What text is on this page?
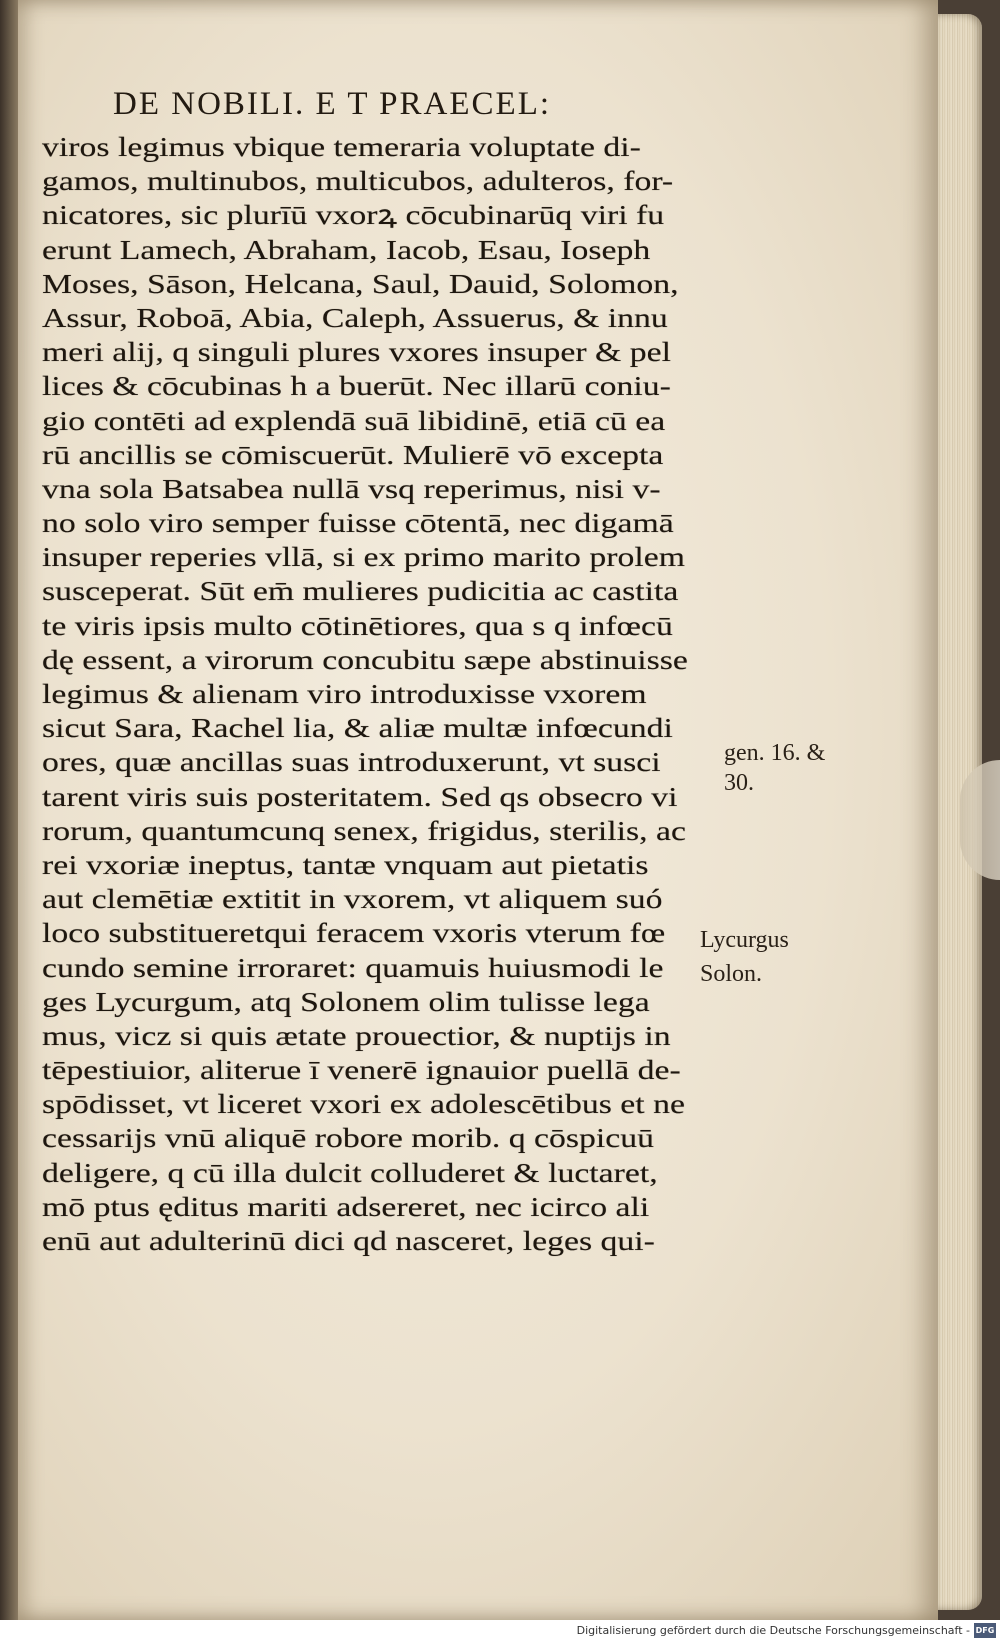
DE NOBILI. E T PRAECEL:
viros legimus vbique temeraria voluptate di-
gamos, multinubos, multicubos, adulteros, for-
nicatores, sic plurīū vxorꝝ cōcubinarūq viri fu
erunt Lamech, Abraham, Iacob, Esau, Ioseph
Moses, Sāson, Helcana, Saul, Dauid, Solomon,
Assur, Roboā, Abia, Caleph, Assuerus, & innu
meri alij, q singuli plures vxores insuper & pel
lices & cōcubinas h a buerūt. Nec illarū coniu-
gio contēti ad explendā suā libidinē, etiā cū ea
rū ancillis se cōmiscuerūt. Mulierē vō excepta
vna sola Batsabea nullā vsq reperimus, nisi v-
no solo viro semper fuisse cōtentā, nec digamā
insuper reperies vllā, si ex primo marito prolem
susceperat. Sūt em̄ mulieres pudicitia ac castita
te viris ipsis multo cōtinētiores, qua s q infœcū
dę essent, a virorum concubitu sæpe abstinuisse
legimus & alienam viro introduxisse vxorem
sicut Sara, Rachel lia, & aliæ multæ infœcundi
ores, quæ ancillas suas introduxerunt, vt susci
tarent viris suis posteritatem. Sed qs obsecro vi
rorum, quantumcunq senex, frigidus, sterilis, ac
rei vxoriæ ineptus, tantæ vnquam aut pietatis
aut clemētiæ extitit in vxorem, vt aliquem suó
loco substitueretqui feracem vxoris vterum fœ
cundo semine irroraret: quamuis huiusmodi le
ges Lycurgum, atq Solonem olim tulisse lega
mus, vicz si quis ætate prouectior, & nuptijs in
tēpestiuior, aliterue ī venerē ignauior puellā de-
spōdisset, vt liceret vxori ex adolescētibus et ne
cessarijs vnū aliquē robore morib. q cōspicuū
deligere, q cū illa dulcit colluderet & luctaret,
mō ptus ęditus mariti adsereret, nec icirco ali
enū aut adulterinū dici qd nasceret, leges qui-
gen. 16. &
30.
Lycurgus
Solon.
Digitalisierung gefördert durch die Deutsche Forschungsgemeinschaft - DFG
